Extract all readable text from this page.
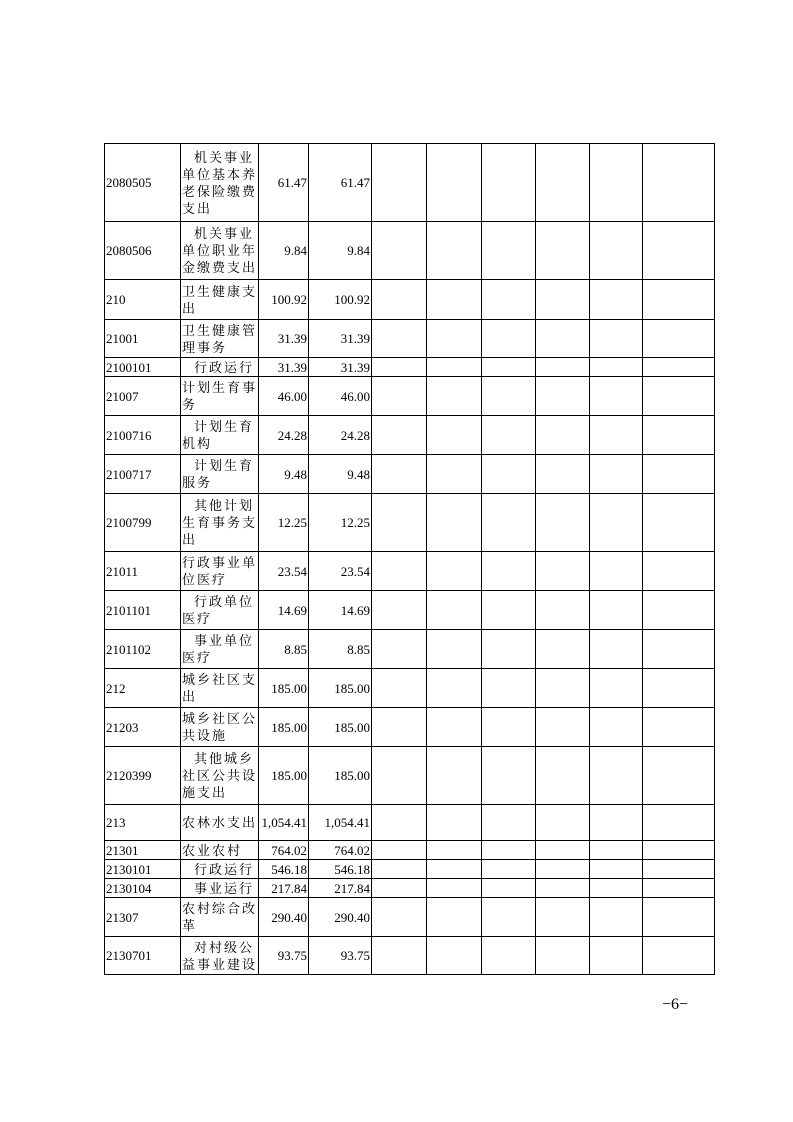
2080505	机关事业单位基本养老保险缴费支出	61.47	61.47						
2080506	机关事业单位职业年金缴费支出	9.84	9.84						
210	卫生健康支出	100.92	100.92						
21001	卫生健康管理事务	31.39	31.39						
2100101	行政运行	31.39	31.39						
21007	计划生育事务	46.00	46.00						
2100716	计划生育机构	24.28	24.28						
2100717	计划生育服务	9.48	9.48						
2100799	其他计划生育事务支出	12.25	12.25						
21011	行政事业单位医疗	23.54	23.54						
2101101	行政单位医疗	14.69	14.69						
2101102	事业单位医疗	8.85	8.85						
212	城乡社区支出	185.00	185.00						
21203	城乡社区公共设施	185.00	185.00						
2120399	其他城乡社区公共设施支出	185.00	185.00						
213	农林水支出	1,054.41	1,054.41						
21301	农业农村	764.02	764.02						
2130101	行政运行	546.18	546.18						
2130104	事业运行	217.84	217.84						
21307	农村综合改革	290.40	290.40						
2130701	对村级公益事业建设	93.75	93.75						
−6−
